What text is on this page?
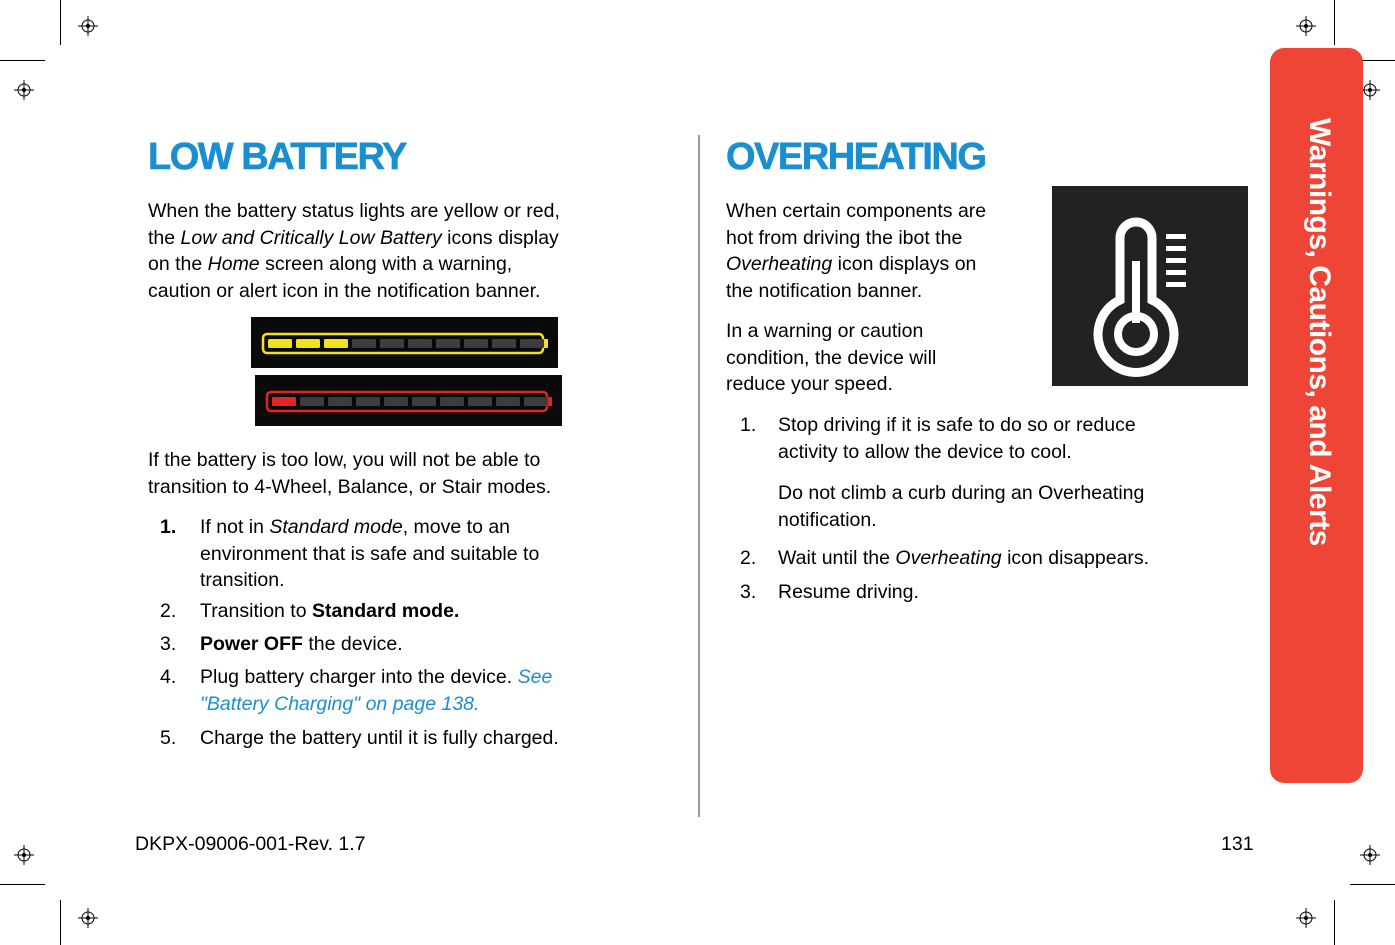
Warnings, Cautions, and Alerts
LOW BATTERY

When the battery status lights are yellow or red,

the Low and Critically Low Battery icons display

on the Home screen along with a warning,

caution or alert icon in the notification banner.

If the battery is too low, you will not be able to

transition to 4-Wheel, Balance, or Stair modes.

1. If not in Standard mode, move to an
environment that is safe and suitable to
transition.
2. Transition to Standard mode.
3. Power OFF the device.
4. Plug battery charger into the device. See
"Battery Charging" on page 138.
5. Charge the battery until it is fully charged.
OVERHEATING

When certain components are

hot from driving the ibot the

Overheating icon displays on

the notification banner.

In a warning or caution

condition, the device will

reduce your speed.

1. Stop driving if it is safe to do so or reduce
activity to allow the device to cool.
Do not climb a curb during an Overheating
notification.
2. Wait until the Overheating icon disappears.
3. Resume driving.
DKPX-09006-001-Rev. 1.7	131
